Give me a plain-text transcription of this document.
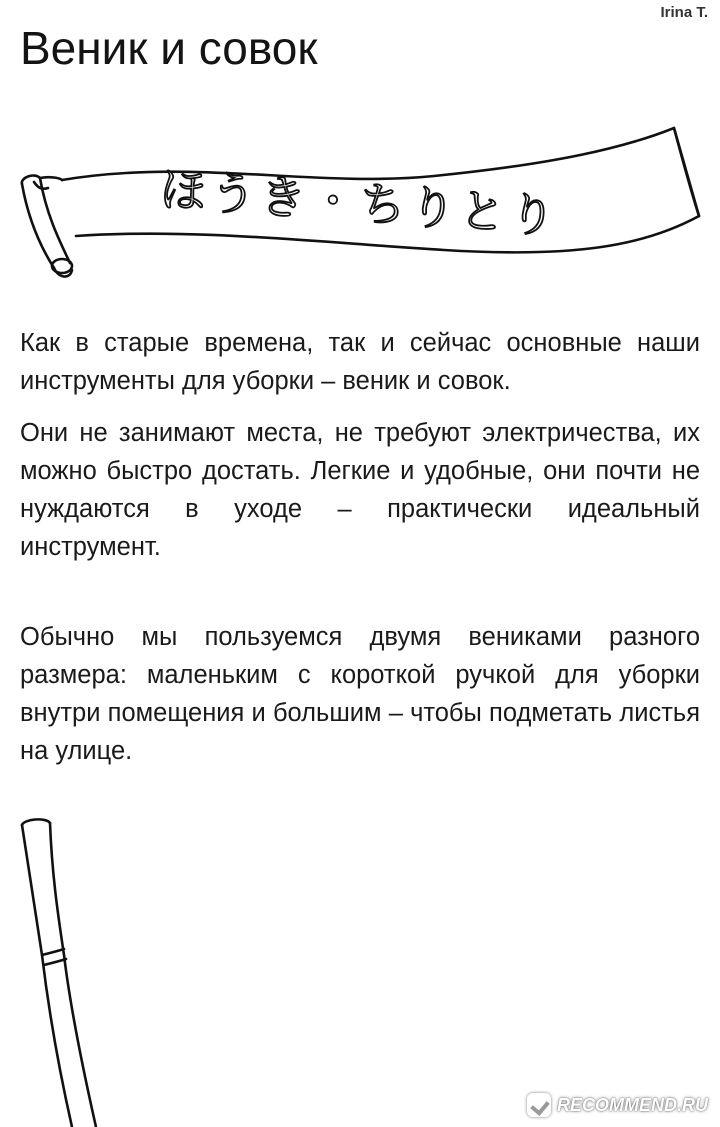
Irina T.
Веник и совок
ほうき・ちりとり

Как в старые времена, так и сейчас основные наши инструменты для уборки – веник и совок.

Они не занимают места, не требуют электричества, их можно быстро достать. Легкие и удобные, они почти не нуждаются в уходе – практически идеальный инструмент.

Обычно мы пользуемся двумя вениками разного размера: маленьким с короткой ручкой для уборки внутри помещения и большим – чтобы подметать листья на улице.

RECOMMEND.RU
